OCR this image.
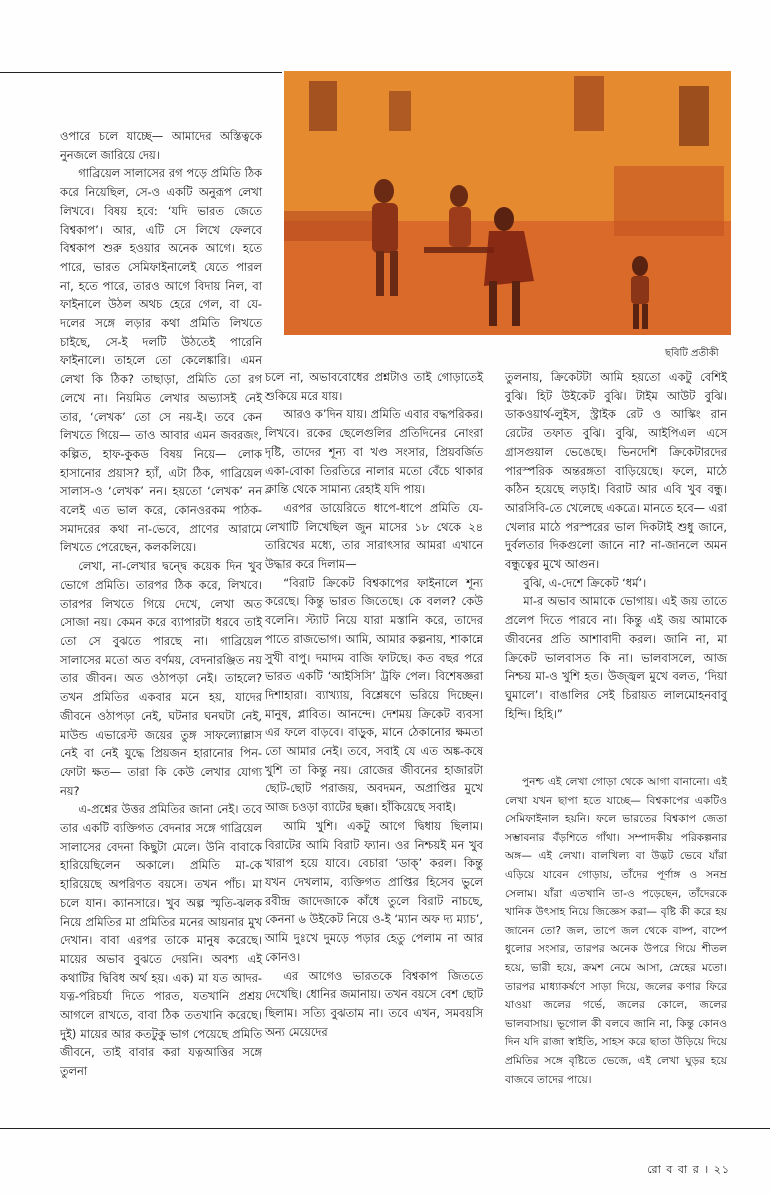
ছবিটি প্রতীকী

ওপারে চলে যাচ্ছে— আমাদের অস্তিত্বকে নুনজলে জারিয়ে দেয়।

গাব্রিয়েল সালাসের রগ পড়ে প্রমিতি ঠিক করে নিয়েছিল, সে-ও একটি অনুরূপ লেখা লিখবে। বিষয় হবে: ‘যদি ভারত জেতে বিশ্বকাপ’। আর, এটি সে লিখে ফেলবে বিশ্বকাপ শুরু হওয়ার অনেক আগে। হতে পারে, ভারত সেমিফাইনালেই যেতে পারল না, হতে পারে, তারও আগে বিদায় নিল, বা ফাইনালে উঠল অথচ হেরে গেল, বা যে-দলের সঙ্গে লড়ার কথা প্রমিতি লিখতে চাইছে, সে-ই দলটি উঠতেই পারেনি ফাইনালে। তাহলে তো কেলেঙ্কারি। এমন লেখা কি ঠিক? তাছাড়া, প্রমিতি তো রগ লেখে না। নিয়মিত লেখার অভ্যাসই নেই তার, ‘লেখক’ তো সে নয়-ই। তবে কেন লিখতে গিয়ে— তাও আবার এমন জবরজং, কল্পিত, হাফ-কুকড বিষয় নিয়ে— লোক হাসানোর প্রয়াস? হ্যাঁ, এটা ঠিক, গাব্রিয়েল সালাস-ও ‘লেখক’ নন। হয়তো ‘লেখক’ নন বলেই এত ভাল করে, কোনওরকম পাঠক-সমাদরের কথা না-ভেবে, প্রাণের আরামে লিখতে পেরেছেন, কলকলিয়ে।

লেখা, না-লেখার দ্বন্দ্বে কয়েক দিন খুব ভোগে প্রমিতি। তারপর ঠিক করে, লিখবে। তারপর লিখতে গিয়ে দেখে, লেখা অত সোজা নয়। কেমন করে ব্যাপারটা ধরবে তাই তো সে বুঝতে পারছে না। গাব্রিয়েল সালাসের মতো অত বর্ণময়, বেদনারঞ্জিত নয় তার জীবন। অত ওঠাপড়া নেই। তাহলে? তখন প্রমিতির একবার মনে হয়, যাদের জীবনে ওঠাপড়া নেই, ঘটনার ঘনঘটা নেই, মাউন্ড এভারেস্ট জয়ের তুঙ্গ সাফল্যোল্লাস নেই বা নেই যুদ্ধে প্রিয়জন হারানোর পিন-ফোটা ক্ষত— তারা কি কেউ লেখার যোগ্য নয়?

এ-প্রশ্নের উত্তর প্রমিতির জানা নেই। তবে তার একটি ব্যক্তিগত বেদনার সঙ্গে গাব্রিয়েল সালাসের বেদনা কিছুটা মেলে। উনি বাবাকে হারিয়েছিলেন অকালে। প্রমিতি মা-কে হারিয়েছে অপরিণত বয়সে। তখন পাঁচ। মা চলে যান। ক্যানসারে। খুব অল্প স্মৃতি-ঝলক নিয়ে প্রমিতির মা প্রমিতির মনের আয়নার মুখ দেখান। বাবা এরপর তাকে মানুষ করেছে। মায়ের অভাব বুঝতে দেয়নি। অবশ্য এই কথাটির দ্বিবিধ অর্থ হয়। এক) মা যত আদর-যত্ন-পরিচর্যা দিতে পারত, যতখানি প্রশ্রয় আগলে রাখতে, বাবা ঠিক ততখানি করেছে। দুই) মায়ের আর কতটুকু ভাগ পেয়েছে প্রমিতি জীবনে, তাই বাবার করা যত্নআত্তির সঙ্গে তুলনা

চলে না, অভাববোধের প্রশ্নটাও তাই গোড়াতেই শুকিয়ে মরে যায়।

আরও ক’দিন যায়। প্রমিতি এবার বদ্ধপরিকর। লিখবে। রকের ছেলেগুলির প্রতিদিনের নোংরা দৃষ্টি, তাদের শূন্য বা খণ্ড সংসার, প্রিয়বর্জিত একা-বোকা তিরতিরে নালার মতো বেঁচে থাকার ক্লান্তি থেকে সামান্য রেহাই যদি পায়।

এরপর ডায়েরিতে ধাপে-ধাপে প্রমিতি যে-লেখাটি লিখেছিল জুন মাসের ১৮ থেকে ২৪ তারিখের মধ্যে, তার সারাৎসার আমরা এখানে উদ্ধার করে দিলাম—

“বিরাট ক্রিকেট বিশ্বকাপের ফাইনালে শূন্য করেছে। কিন্তু ভারত জিতেছে। কে বলল? কেউ বলেনি। স্ট্যাট নিয়ে যারা মস্তানি করে, তাদের পাতে রাজভোগ। আমি, আমার কল্পনায়, শাকান্নে সুখী বাপু। দমাদম বাজি ফাটছে। কত বছর পরে ভারত একটি ‘আইসিসি’ ট্রফি পেল। বিশেষজ্ঞরা দিশাহারা। ব্যাখ্যায়, বিশ্লেষণে ভরিয়ে দিচ্ছেন। মানুষ, প্লাবিত। আনন্দে। দেশময় ক্রিকেট ব্যবসা এর ফলে বাড়বে। বাড়ুক, মানে ঠেকানোর ক্ষমতা তো আমার নেই। তবে, সবাই যে এত অঙ্ক-কষে খুশি তা কিন্তু নয়। রোজের জীবনের হাজারটা ছোট-ছোট পরাজয়, অবদমন, অপ্রাপ্তির মুখে আজ চওড়া ব্যাটের ছক্কা। হাঁকিয়েছে সবাই।

আমি খুশি। একটু আগে দ্বিধায় ছিলাম। বিরাটের আমি বিরাট ফ্যান। ওর নিশ্চয়ই মন খুব খারাপ হয়ে যাবে। বেচারা ‘ডাক্’ করল। কিন্তু যখন দেখলাম, ব্যক্তিগত প্রাপ্তির হিসেব ভুলে রবীন্দ্র জাদেজাকে কাঁধে তুলে বিরাট নাচছে, কেননা ৬ উইকেট নিয়ে ও-ই ‘ম্যান অফ দ্য ম্যাচ’, আমি দুঃখে দুমড়ে পড়ার হেতু পেলাম না আর কোনও।

এর আগেও ভারতকে বিশ্বকাপ জিততে দেখেছি। ধোনির জমানায়। তখন বয়সে বেশ ছোট ছিলাম। সত্যি বুঝতাম না। তবে এখন, সমবয়সি অন্য মেয়েদের

তুলনায়, ক্রিকেটটা আমি হয়তো একটু বেশিই বুঝি। হিট উইকেট বুঝি। টাইম আউট বুঝি। ডাকওয়ার্থ-লুইস, স্ট্রাইক রেট ও আস্কিং রান রেটের তফাত বুঝি। বুঝি, আইপিএল এসে গ্রাসগুয়াল ভেঙেছে। ভিনদেশি ক্রিকেটারদের পারস্পরিক অন্তরঙ্গতা বাড়িয়েছে। ফলে, মাঠে কঠিন হয়েছে লড়াই। বিরাট আর এবি খুব বন্ধু। আরসিবি-তে খেলেছে একত্রে। মানতে হবে— এরা খেলার মাঠে পরস্পরের ভাল দিকটাই শুধু জানে, দুর্বলতার দিকগুলো জানে না? না-জানলে অমন বন্ধুত্বের মুখে আগুন।

বুঝি, এ-দেশে ক্রিকেট ‘ধর্ম’।

মা-র অভাব আমাকে ভোগায়। এই জয় তাতে প্রলেপ দিতে পারবে না। কিন্তু এই জয় আমাকে জীবনের প্রতি আশাবাদী করল। জানি না, মা ক্রিকেট ভালবাসত কি না। ভালবাসলে, আজ নিশ্চয় মা-ও খুশি হত। উজ্জ্বল মুখে বলত, ‘দিয়া ঘুমালে’। বাঙালির সেই চিরায়ত লালমোহনবাবু হিন্দি। হিহি।”

পুনশ্চ এই লেখা গোড়া থেকে আগা বানানো। এই লেখা যখন ছাপা হতে যাচ্ছে— বিশ্বকাপের একটিও সেমিফাইনাল হয়নি। ফলে ভারতের বিশ্বকাপ জেতা সম্ভাবনার বঁড়শিতে গাঁথা। সম্পাদকীয় পরিকল্পনার অঙ্গ— এই লেখা। বালখিল্য বা উদ্ভট ভেবে যাঁরা এড়িয়ে যাবেন গোড়ায়, তাঁদের পূর্ণাঙ্গ ও সনম্র সেলাম। যাঁরা এতখানি তা-ও পড়েছেন, তাঁদেরকে খানিক উৎসাহ নিয়ে জিজ্ঞেস করা— বৃষ্টি কী করে হয় জানেন তো? জল, তাপে জল থেকে বাষ্প, বাষ্পে ধুলোর সংসার, তারপর অনেক উপরে গিয়ে শীতল হয়ে, ভারী হয়ে, ক্রমশ নেমে আসা, স্নেহের মতো। তারপর মাধ্যাকর্ষণে সাড়া দিয়ে, জলের কণার ফিরে যাওয়া জলের গর্ভে, জলের কোলে, জলের ভালবাসায়। ভূগোল কী বলবে জানি না, কিন্তু কোনও দিন যদি রাজা স্বাইতি, সাহস করে ছাতা উড়িয়ে দিয়ে প্রমিতির সঙ্গে বৃষ্টিতে ভেজে, এই লেখা ঘুড়র হয়ে বাজবে তাদের পায়ে।

রো ব বা র । ২১
